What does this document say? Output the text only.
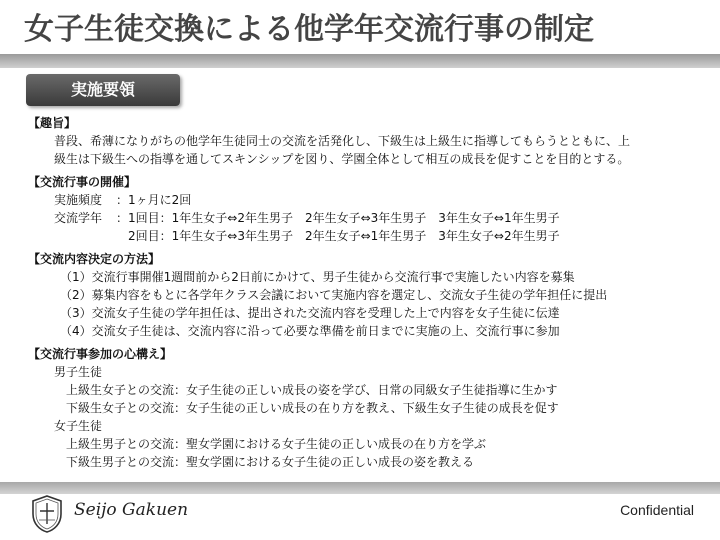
女子生徒交換による他学年交流行事の制定
実施要領
【趣旨】
普段、希薄になりがちの他学年生徒同士の交流を活発化し、下級生は上級生に指導してもらうとともに、上
級生は下級生への指導を通してスキンシップを図り、学園全体として相互の成長を促すことを目的とする。
【交流行事の開催】
実施頻度	： 1ヶ月に2回
交流学年	： 1回目：1年生女子⇔2年生男子　2年生女子⇔3年生男子　3年生女子⇔1年生男子
2回目：1年生女子⇔3年生男子　2年生女子⇔1年生男子　3年生女子⇔2年生男子
【交流内容決定の方法】
（1）交流行事開催1週間前から2日前にかけて、男子生徒から交流行事で実施したい内容を募集
（2）募集内容をもとに各学年クラス会議において実施内容を選定し、交流女子生徒の学年担任に提出
（3）交流女子生徒の学年担任は、提出された交流内容を受理した上で内容を女子生徒に伝達
（4）交流女子生徒は、交流内容に沿って必要な準備を前日までに実施の上、交流行事に参加
【交流行事参加の心構え】
男子生徒
上級生女子との交流：女子生徒の正しい成長の姿を学び、日常の同級女子生徒指導に生かす
下級生女子との交流：女子生徒の正しい成長の在り方を教え、下級生女子生徒の成長を促す
女子生徒
上級生男子との交流：聖女学園における女子生徒の正しい成長の在り方を学ぶ
下級生男子との交流：聖女学園における女子生徒の正しい成長の姿を教える
Seijo Gakuen	Confidential
